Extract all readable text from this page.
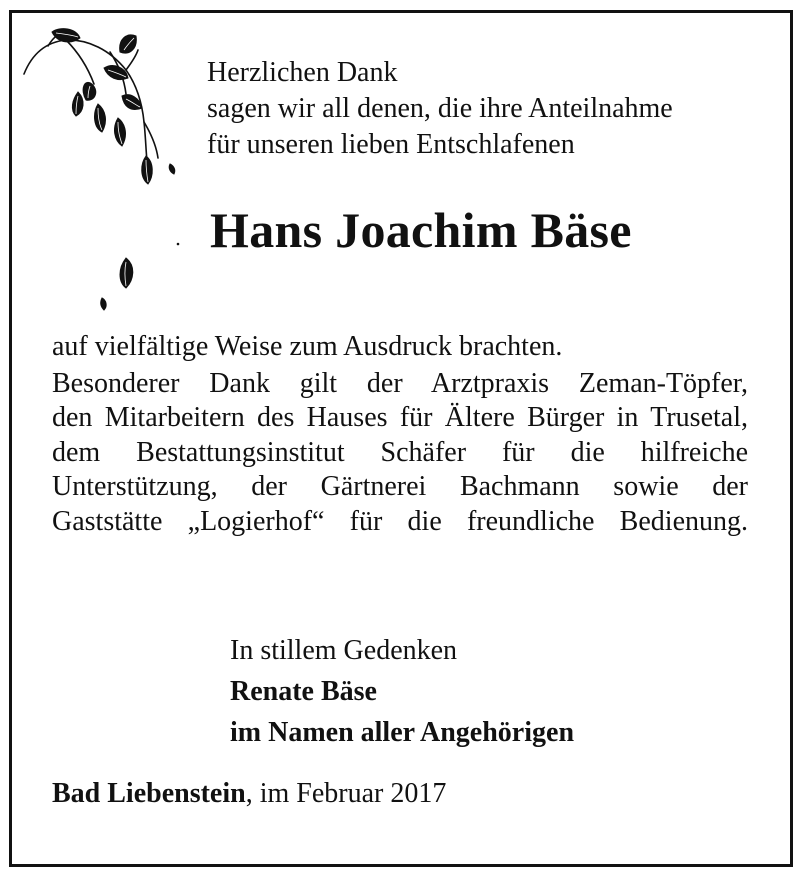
Herzlichen Dank
sagen wir all denen, die ihre Anteilnahme
für unseren lieben Entschlafenen
Hans Joachim Bäse
auf vielfältige Weise zum Ausdruck brachten.
Besonderer Dank gilt der Arztpraxis Zeman-Töpfer,
den Mitarbeitern des Hauses für Ältere Bürger in Trusetal,
dem Bestattungsinstitut Schäfer für die hilfreiche
Unterstützung, der Gärtnerei Bachmann sowie der
Gaststätte „Logierhof“ für die freundliche Bedienung.
In stillem Gedenken
Renate Bäse
im Namen aller Angehörigen
Bad Liebenstein, im Februar 2017
